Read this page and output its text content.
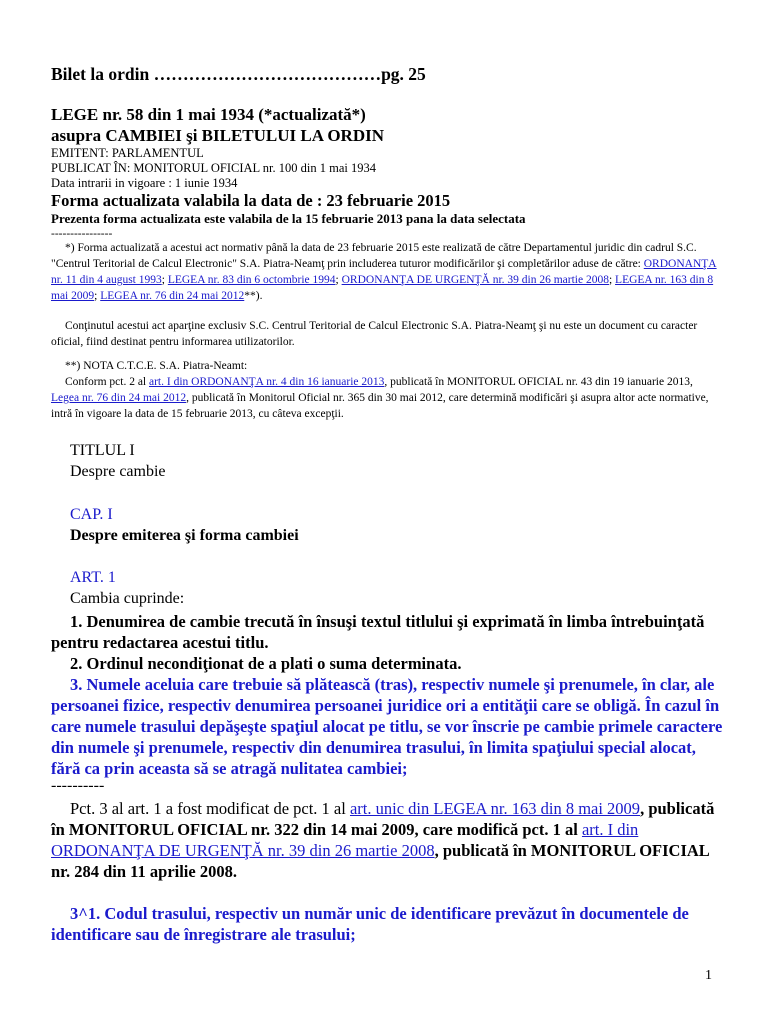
Bilet la ordin …………………………………pg. 25
LEGE nr. 58 din 1 mai 1934 (*actualizată*)
asupra CAMBIEI şi BILETULUI LA ORDIN
EMITENT: PARLAMENTUL
PUBLICAT ÎN: MONITORUL OFICIAL nr. 100 din 1 mai 1934
Data intrarii in vigoare : 1 iunie 1934
Forma actualizata valabila la data de : 23 februarie 2015
Prezenta forma actualizata este valabila de la 15 februarie 2013 pana la data selectata
----------------
*) Forma actualizată a acestui act normativ până la data de 23 februarie 2015 este realizată de către Departamentul juridic din cadrul S.C. "Centrul Teritorial de Calcul Electronic" S.A. Piatra-Neamţ prin includerea tuturor modificărilor şi completărilor aduse de către: ORDONANŢA nr. 11 din 4 august 1993; LEGEA nr. 83 din 6 octombrie 1994; ORDONANŢA DE URGENŢĂ nr. 39 din 26 martie 2008; LEGEA nr. 163 din 8 mai 2009; LEGEA nr. 76 din 24 mai 2012**).
Conţinutul acestui act aparţine exclusiv S.C. Centrul Teritorial de Calcul Electronic S.A. Piatra-Neamţ şi nu este un document cu caracter oficial, fiind destinat pentru informarea utilizatorilor.
**) NOTA C.T.C.E. S.A. Piatra-Neamt:
Conform pct. 2 al art. I din ORDONANŢA nr. 4 din 16 ianuarie 2013, publicată în MONITORUL OFICIAL nr. 43 din 19 ianuarie 2013, Legea nr. 76 din 24 mai 2012, publicată în Monitorul Oficial nr. 365 din 30 mai 2012, care determină modificări şi asupra altor acte normative, intră în vigoare la data de 15 februarie 2013, cu câteva excepţii.
TITLUL I
Despre cambie
CAP. I
Despre emiterea şi forma cambiei
ART. 1
Cambia cuprinde:
1. Denumirea de cambie trecută în însuşi textul titlului şi exprimată în limba întrebuinţată pentru redactarea acestui titlu.
2. Ordinul necondiţionat de a plati o suma determinata.
3. Numele aceluia care trebuie să plătească (tras), respectiv numele şi prenumele, în clar, ale persoanei fizice, respectiv denumirea persoanei juridice ori a entităţii care se obligă. În cazul în care numele trasului depăşeşte spaţiul alocat pe titlu, se vor înscrie pe cambie primele caractere din numele şi prenumele, respectiv din denumirea trasului, în limita spaţiului special alocat, fără ca prin aceasta să se atragă nulitatea cambiei;
----------
Pct. 3 al art. 1 a fost modificat de pct. 1 al art. unic din LEGEA nr. 163 din 8 mai 2009, publicată în MONITORUL OFICIAL nr. 322 din 14 mai 2009, care modifică pct. 1 al art. I din ORDONANŢA DE URGENŢĂ nr. 39 din 26 martie 2008, publicată în MONITORUL OFICIAL nr. 284 din 11 aprilie 2008.
3^1. Codul trasului, respectiv un număr unic de identificare prevăzut în documentele de identificare sau de înregistrare ale trasului;
1
